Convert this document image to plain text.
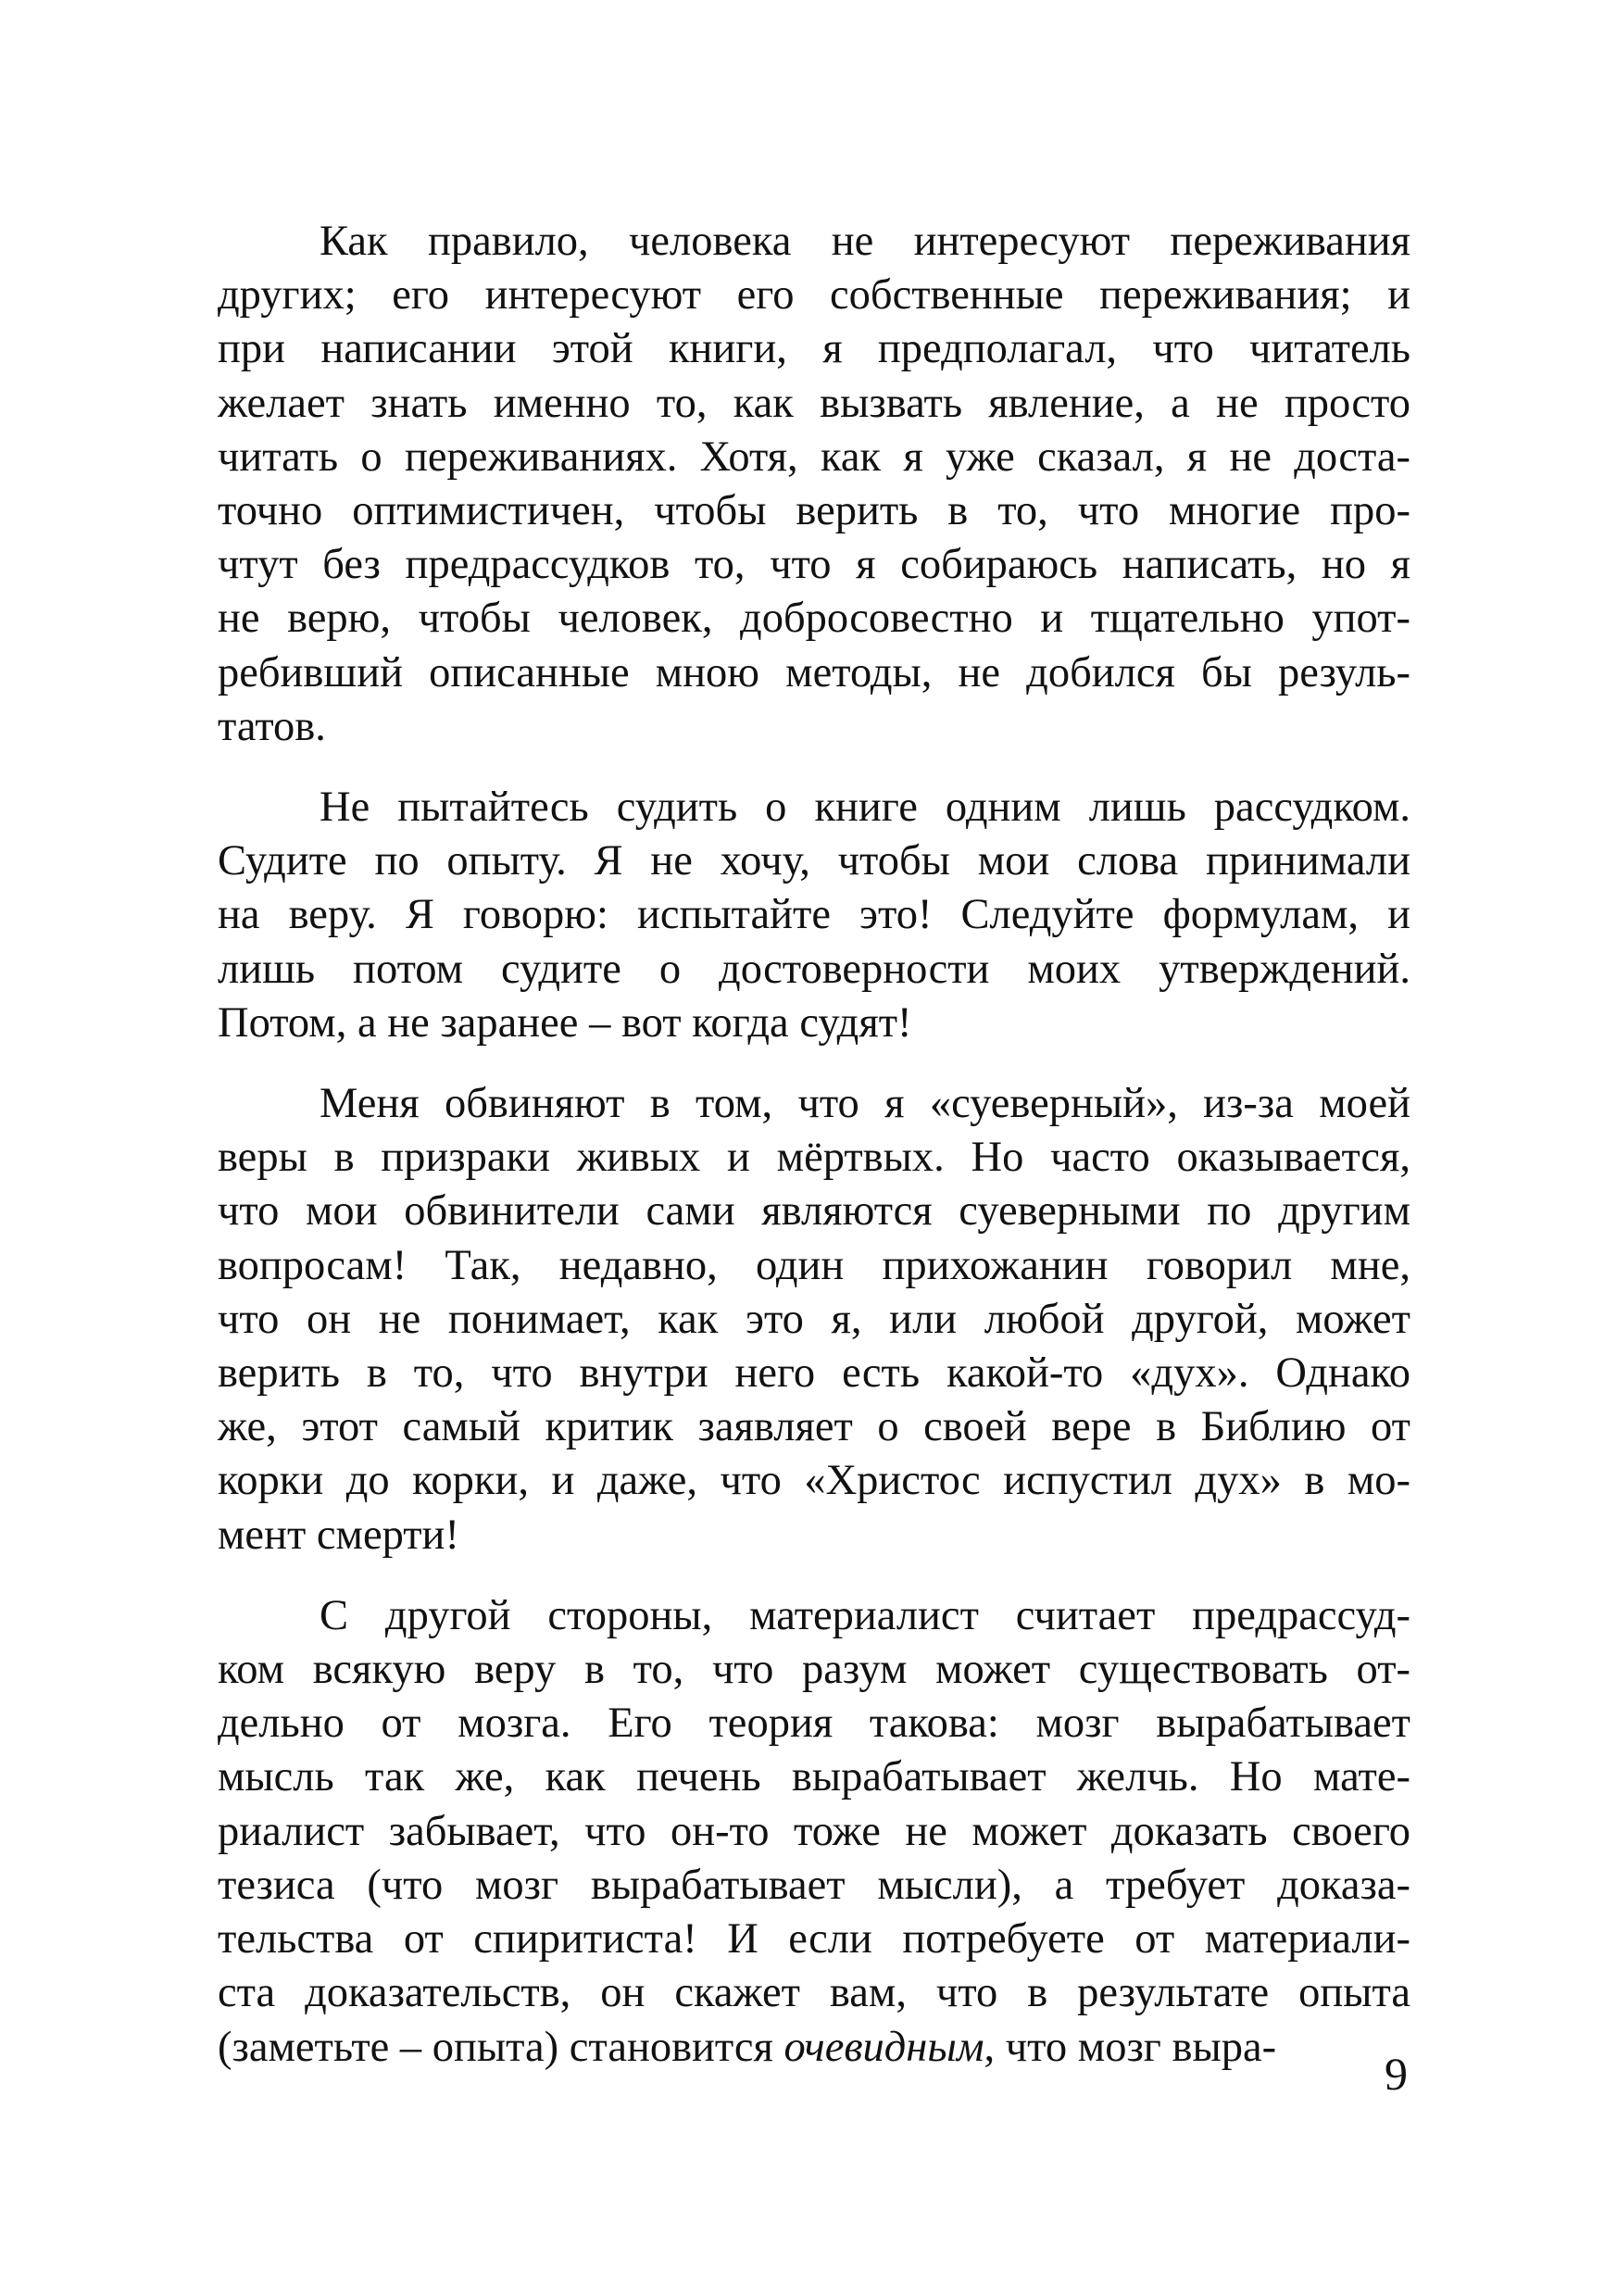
Как правило, человека не интересуют переживания
других; его интересуют его собственные переживания; и
при написании этой книги, я предполагал, что читатель
желает знать именно то, как вызвать явление, а не просто
читать о переживаниях. Хотя, как я уже сказал, я не доста-
точно оптимистичен, чтобы верить в то, что многие про-
чтут без предрассудков то, что я собираюсь написать, но я
не верю, чтобы человек, добросовестно и тщательно упот-
ребивший описанные мною методы, не добился бы резуль-
татов.
Не пытайтесь судить о книге одним лишь рассудком.
Судите по опыту. Я не хочу, чтобы мои слова принимали
на веру. Я говорю: испытайте это! Следуйте формулам, и
лишь потом судите о достоверности моих утверждений.
Потом, а не заранее – вот когда судят!
Меня обвиняют в том, что я «суеверный», из-за моей
веры в призраки живых и мёртвых. Но часто оказывается,
что мои обвинители сами являются суеверными по другим
вопросам! Так, недавно, один прихожанин говорил мне,
что он не понимает, как это я, или любой другой, может
верить в то, что внутри него есть какой-то «дух». Однако
же, этот самый критик заявляет о своей вере в Библию от
корки до корки, и даже, что «Христос испустил дух» в мо-
мент смерти!
С другой стороны, материалист считает предрассуд-
ком всякую веру в то, что разум может существовать от-
дельно от мозга. Его теория такова: мозг вырабатывает
мысль так же, как печень вырабатывает желчь. Но мате-
риалист забывает, что он-то тоже не может доказать своего
тезиса (что мозг вырабатывает мысли), а требует доказа-
тельства от спиритиста! И если потребуете от материали-
ста доказательств, он скажет вам, что в результате опыта
(заметьте – опыта) становится очевидным, что мозг выра-
9
